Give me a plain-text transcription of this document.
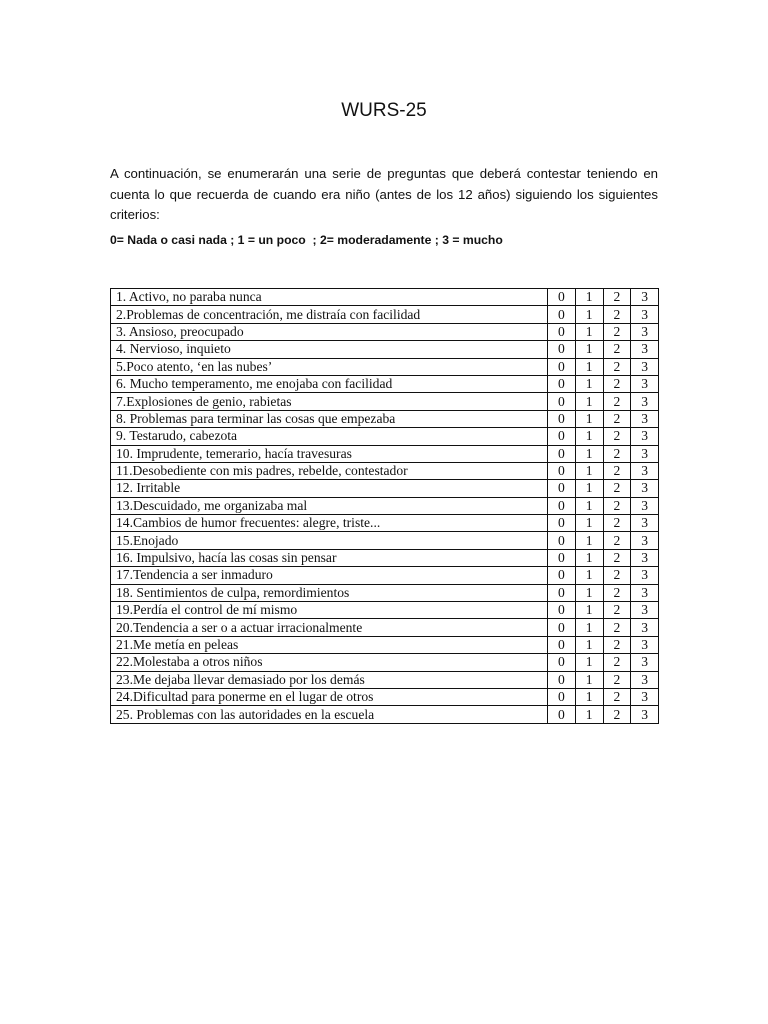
WURS-25

A continuación, se enumerarán una serie de preguntas que deberá contestar teniendo en cuenta lo que recuerda de cuando era niño (antes de los 12 años) siguiendo los siguientes criterios:

0= Nada o casi nada ; 1 = un poco  ; 2= moderadamente ; 3 = mucho
1. Activo, no paraba nunca	0	1	2	3
2.Problemas de concentración, me distraía con facilidad	0	1	2	3
3. Ansioso, preocupado	0	1	2	3
4. Nervioso, inquieto	0	1	2	3
5.Poco atento, ‘en las nubes’	0	1	2	3
6. Mucho temperamento, me enojaba con facilidad	0	1	2	3
7.Explosiones de genio, rabietas	0	1	2	3
8. Problemas para terminar las cosas que empezaba	0	1	2	3
9. Testarudo, cabezota	0	1	2	3
10. Imprudente, temerario, hacía travesuras	0	1	2	3
11.Desobediente con mis padres, rebelde, contestador	0	1	2	3
12. Irritable	0	1	2	3
13.Descuidado, me organizaba mal	0	1	2	3
14.Cambios de humor frecuentes: alegre, triste...	0	1	2	3
15.Enojado	0	1	2	3
16. Impulsivo, hacía las cosas sin pensar	0	1	2	3
17.Tendencia a ser inmaduro	0	1	2	3
18. Sentimientos de culpa, remordimientos	0	1	2	3
19.Perdía el control de mí mismo	0	1	2	3
20.Tendencia a ser o a actuar irracionalmente	0	1	2	3
21.Me metía en peleas	0	1	2	3
22.Molestaba a otros niños	0	1	2	3
23.Me dejaba llevar demasiado por los demás	0	1	2	3
24.Dificultad para ponerme en el lugar de otros	0	1	2	3
25. Problemas con las autoridades en la escuela	0	1	2	3
